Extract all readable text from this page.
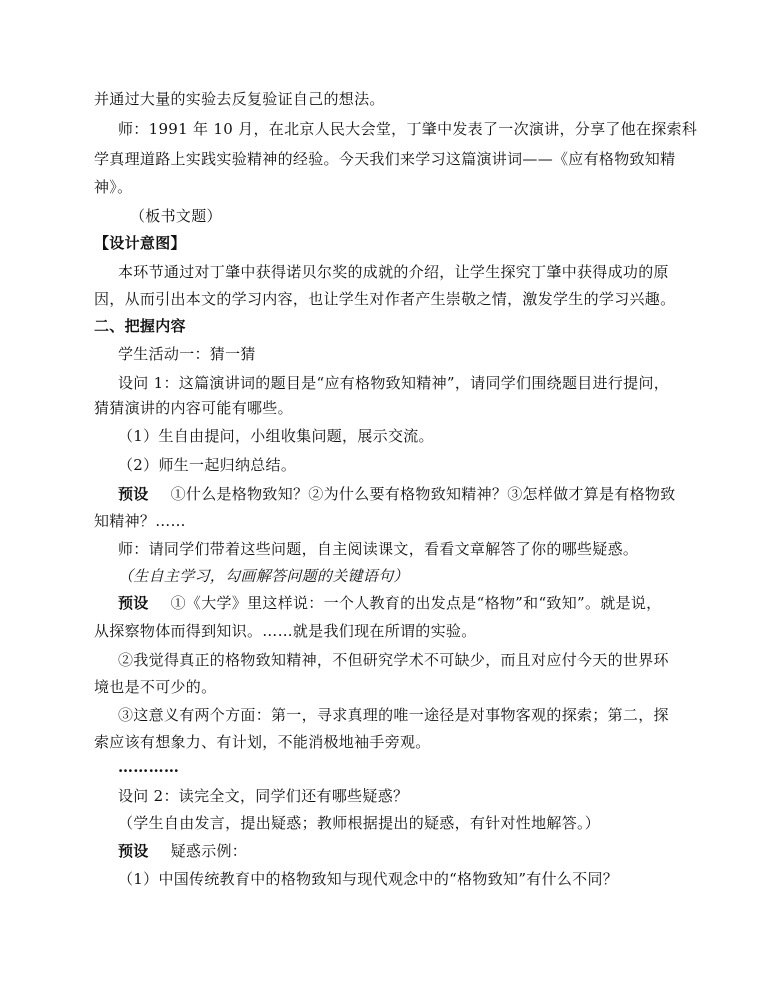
并通过大量的实验去反复验证自己的想法。
师：1991 年 10 月，在北京人民大会堂，丁肇中发表了一次演讲，分享了他在探索科
学真理道路上实践实验精神的经验。今天我们来学习这篇演讲词——《应有格物致知精
神》。
（板书文题）
【设计意图】
本环节通过对丁肇中获得诺贝尔奖的成就的介绍，让学生探究丁肇中获得成功的原
因，从而引出本文的学习内容，也让学生对作者产生崇敬之情，激发学生的学习兴趣。
二、把握内容
学生活动一：猜一猜
设问 1：这篇演讲词的题目是“应有格物致知精神”，请同学们围绕题目进行提问，
猜猜演讲的内容可能有哪些。
（1）生自由提问，小组收集问题，展示交流。
（2）师生一起归纳总结。
预设 ①什么是格物致知？②为什么要有格物致知精神？③怎样做才算是有格物致
知精神？……
师：请同学们带着这些问题，自主阅读课文，看看文章解答了你的哪些疑惑。
（生自主学习，勾画解答问题的关键语句）
预设 ①《大学》里这样说：一个人教育的出发点是“格物”和“致知”。就是说，
从探察物体而得到知识。……就是我们现在所谓的实验。
②我觉得真正的格物致知精神，不但研究学术不可缺少，而且对应付今天的世界环
境也是不可少的。
③这意义有两个方面：第一，寻求真理的唯一途径是对事物客观的探索；第二，探
索应该有想象力、有计划，不能消极地袖手旁观。
…………
设问 2：读完全文，同学们还有哪些疑惑？
（学生自由发言，提出疑惑；教师根据提出的疑惑，有针对性地解答。）
预设 疑惑示例：
（1）中国传统教育中的格物致知与现代观念中的“格物致知”有什么不同？
